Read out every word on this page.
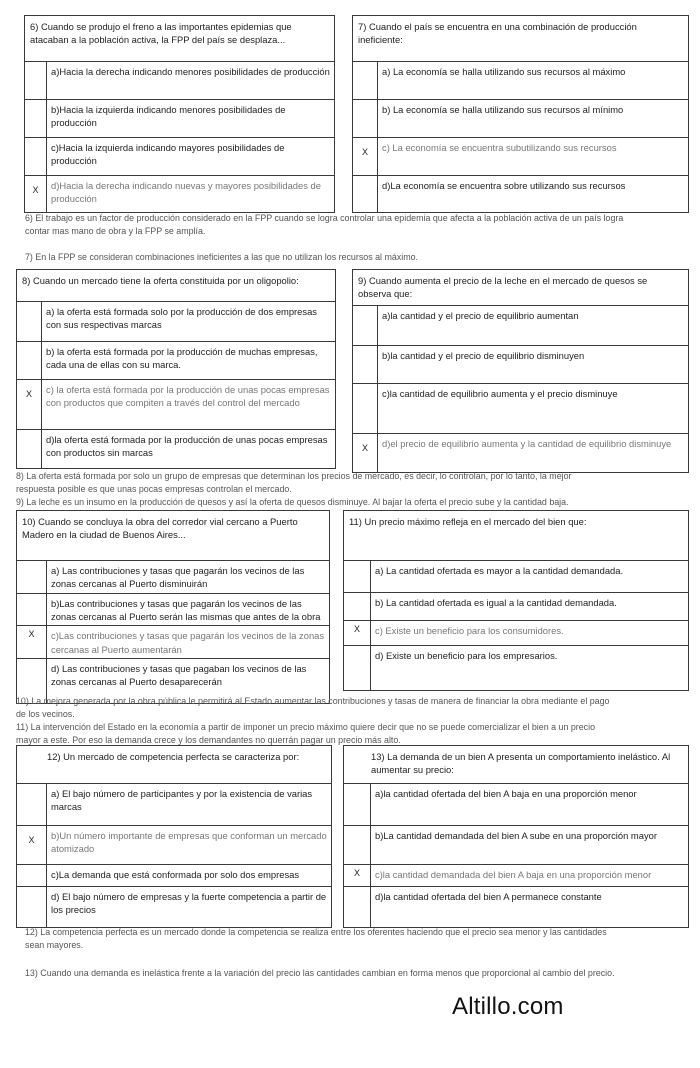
6) Cuando se produjo el freno a las importantes epidemias que atacaban a la población activa, la FPP del país se desplaza...	
	a)Hacia la derecha indicando menores posibilidades de producción
	b)Hacia la izquierda indicando menores posibilidades de producción
	c)Hacia la izquierda indicando mayores posibilidades de producción
X	d)Hacia la derecha indicando nuevas y mayores posibilidades de producción
7) Cuando el país se encuentra en una combinación de producción ineficiente:	
	a) La economía se halla utilizando sus recursos al máximo
	b) La economía se halla utilizando sus recursos al mínimo
X	c) La economía se encuentra subutilizando sus recursos
	d)La economía se encuentra sobre utilizando sus recursos
6) El trabajo es un factor de producción considerado en la FPP cuando se logra controlar una epidemia que afecta a la población activa de un país logra contar mas mano de obra y la FPP se amplía.
7) En la FPP se consideran combinaciones ineficientes a las que no utilizan los recursos al máximo.
8) Cuando un mercado tiene la oferta constituida por un oligopolio:	
	a) la oferta está formada solo por la producción de dos empresas con sus respectivas marcas
	b) la oferta está formada por la producción de muchas empresas, cada una de ellas con su marca.
X	c) la oferta está formada por la producción de unas pocas empresas con productos que compiten a través del control del mercado
	d)la oferta está formada por la producción de unas pocas empresas con productos sin marcas
9) Cuando aumenta el precio de la leche en el mercado de quesos se observa que:	
	a)la cantidad y el precio de equilibrio aumentan
	b)la cantidad y el precio de equilibrio disminuyen
	c)la cantidad de equilibrio aumenta y el precio disminuye
X	d)el precio de equilibrio aumenta y la cantidad de equilibrio disminuye
8) La oferta está formada por solo un grupo de empresas que determinan los precios de mercado, es decir, lo controlan, por lo tanto, la mejor respuesta posible es que unas pocas empresas controlan el mercado.
9) La leche es un insumo en la producción de quesos y así la oferta de quesos disminuye. Al bajar la oferta el precio sube y la cantidad baja.
10) Cuando se concluya la obra del corredor vial cercano a Puerto Madero en la ciudad de Buenos Aires...	
	a) Las contribuciones y tasas que pagarán los vecinos de las zonas cercanas al Puerto disminuirán
	b)Las contribuciones y tasas que pagarán los vecinos de las zonas cercanas al Puerto serán las mismas que antes de la obra
X	c)Las contribuciones y tasas que pagarán los vecinos de la zonas cercanas al Puerto aumentarán
	d) Las contribuciones y tasas que pagaban los vecinos de las zonas cercanas al Puerto desaparecerán
11) Un precio máximo refleja en el mercado del bien que:	
	a) La cantidad ofertada es mayor a la cantidad demandada.
	b) La cantidad ofertada es igual a la cantidad demandada.
X	c) Existe un beneficio para los consumidores.
	d) Existe un beneficio para los empresarios.
10) La mejora generada por la obra pública le permitirá al Estado aumentar las contribuciones y tasas de manera de financiar la obra mediante el pago de los vecinos.
11) La intervención del Estado en la economía a partir de imponer un precio máximo quiere decir que no se puede comercializar el bien a un precio mayor a este. Por eso la demanda crece y los demandantes no querrán pagar un precio más alto.
12) Un mercado de competencia perfecta se caracteriza por:	
	a) El bajo número de participantes y por la existencia de varias marcas
X	b)Un número importante de empresas que conforman un mercado atomizado
	c)La demanda que está conformada por solo dos empresas
	d) El bajo número de empresas y la fuerte competencia a partir de los precios
13) La demanda de un bien A presenta un comportamiento inelástico. Al aumentar su precio:	
	a)la cantidad ofertada del bien A baja en una proporción menor
	b)La cantidad demandada del bien A sube en una proporción mayor
X	c)la cantidad demandada del bien A baja en una proporción menor
	d)la cantidad ofertada del bien A permanece constante
12) La competencia perfecta es un mercado donde la competencia se realiza entre los oferentes haciendo que el precio sea menor y las cantidades sean mayores.
13) Cuando una demanda es inelástica frente a la variación del precio las cantidades cambian en forma menos que proporcional al cambio del precio.
Altillo.com
